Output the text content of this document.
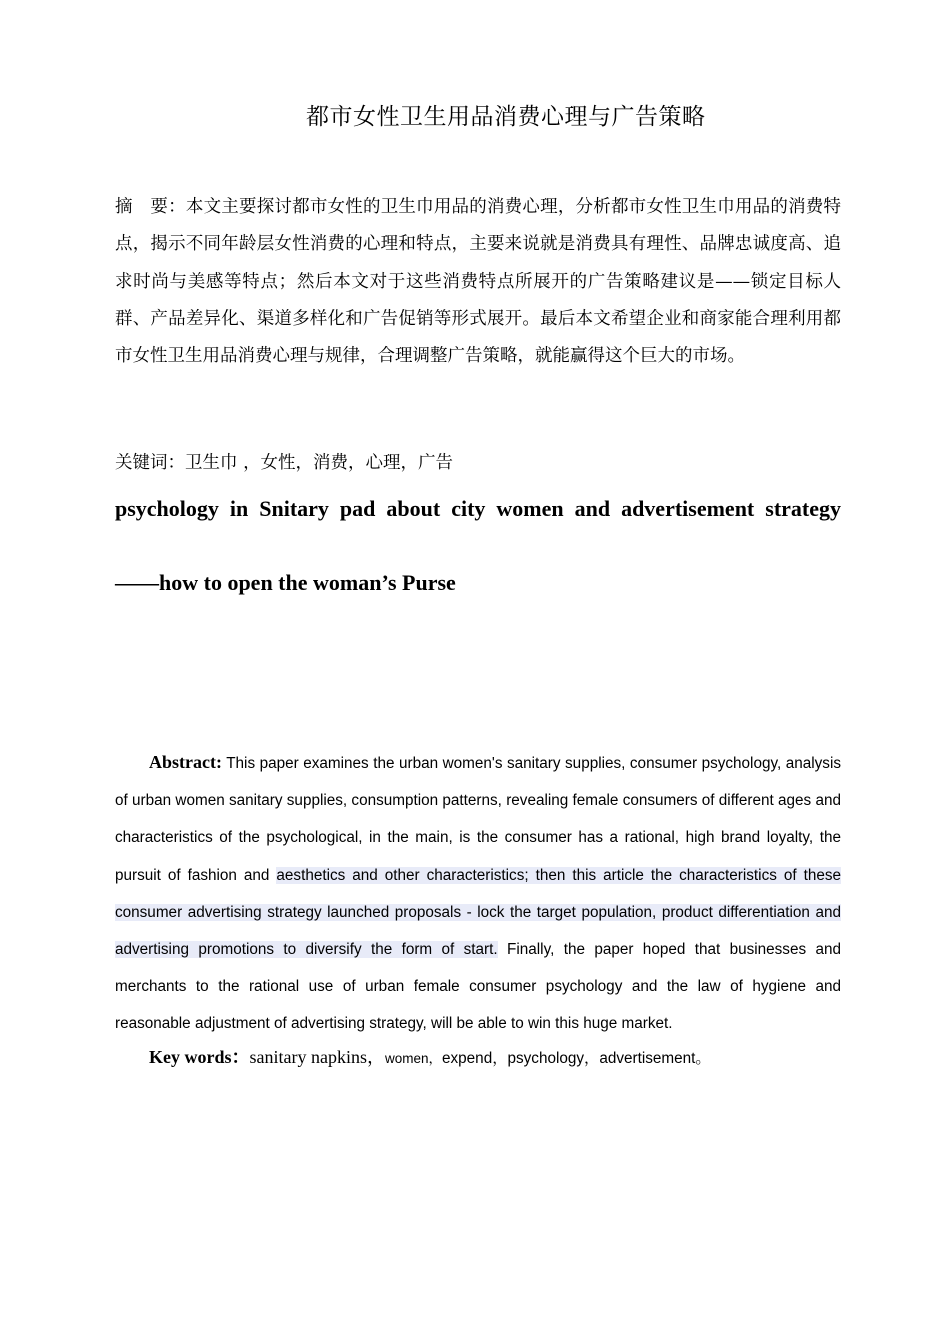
都市女性卫生用品消费心理与广告策略
摘　要：本文主要探讨都市女性的卫生巾用品的消费心理，分析都市女性卫生巾用品的消费特点，揭示不同年龄层女性消费的心理和特点，主要来说就是消费具有理性、品牌忠诚度高、追求时尚与美感等特点；然后本文对于这些消费特点所展开的广告策略建议是——锁定目标人群、产品差异化、渠道多样化和广告促销等形式展开。最后本文希望企业和商家能合理利用都市女性卫生用品消费心理与规律，合理调整广告策略，就能赢得这个巨大的市场。
关键词：卫生巾 ，女性，消费，心理，广告
psychology in Snitary pad about city women and advertisement strategy
——how to open the woman’s Purse
Abstract: This paper examines the urban women's sanitary supplies, consumer psychology, analysis of urban women sanitary supplies, consumption patterns, revealing female consumers of different ages and characteristics of the psychological, in the main, is the consumer has a rational, high brand loyalty, the pursuit of fashion and aesthetics and other characteristics; then this article the characteristics of these consumer advertising strategy launched proposals - lock the target population, product differentiation and advertising promotions to diversify the form of start. Finally, the paper hoped that businesses and merchants to the rational use of urban female consumer psychology and the law of hygiene and reasonable adjustment of advertising strategy, will be able to win this huge market.
Key words：sanitary napkins，women，expend，psychology，advertisement。
